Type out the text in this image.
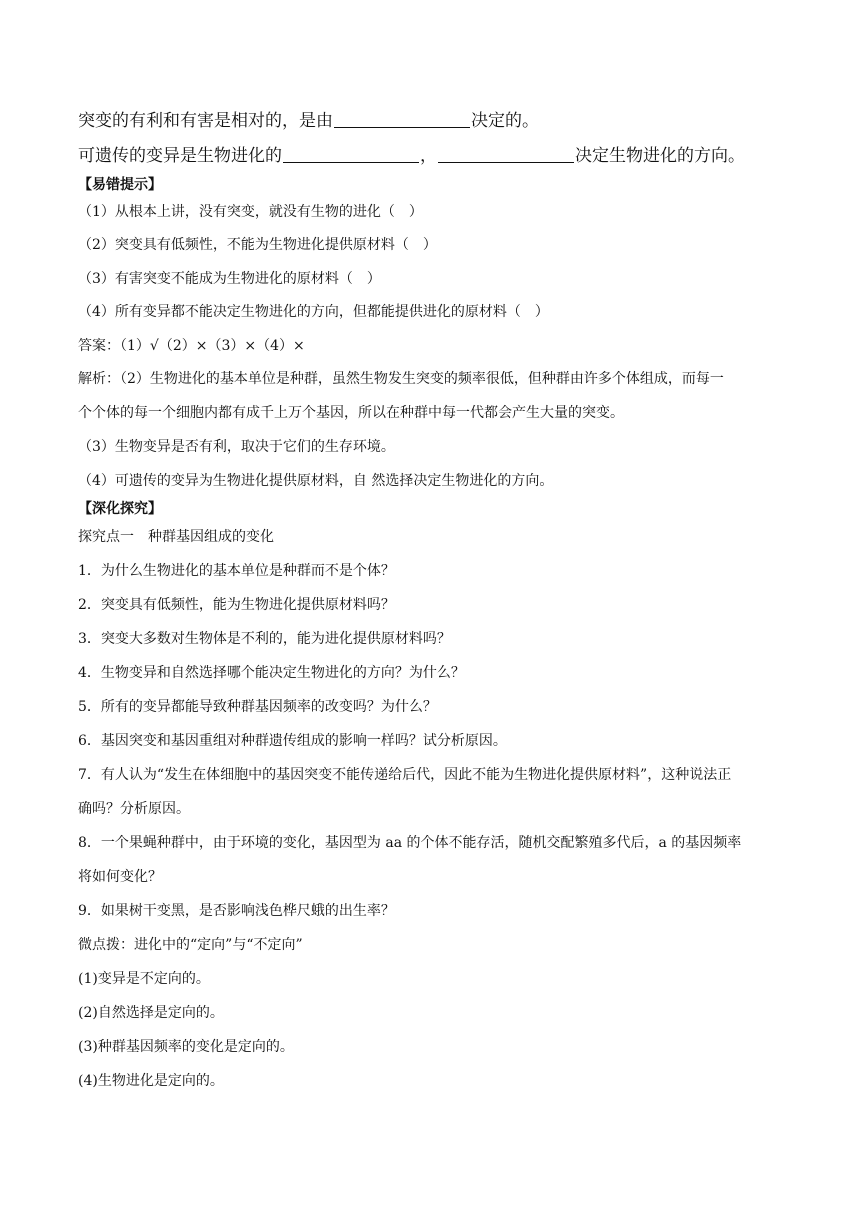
突变的有利和有害是相对的，是由	决定的。
可遗传的变异是生物进化的	，	决定生物进化的方向。
【易错提示】
（1）从根本上讲，没有突变，就没有生物的进化（　）
（2）突变具有低频性，不能为生物进化提供原材料（　）
（3）有害突变不能成为生物进化的原材料（　）
（4）所有变异都不能决定生物进化的方向，但都能提供进化的原材料（　）
答案：（1）√（2）×（3）×（4）×
解析：（2）生物进化的基本单位是种群，虽然生物发生突变的频率很低，但种群由许多个体组成，而每一
个个体的每一个细胞内都有成千上万个基因，所以在种群中每一代都会产生大量的突变。
（3）生物变异是否有利，取决于它们的生存环境。
（4）可遗传的变异为生物进化提供原材料，自 然选择决定生物进化的方向。
【深化探究】
探究点一　种群基因组成的变化
1．为什么生物进化的基本单位是种群而不是个体？
2．突变具有低频性，能为生物进化提供原材料吗？
3．突变大多数对生物体是不利的，能为进化提供原材料吗？
4．生物变异和自然选择哪个能决定生物进化的方向？为什么？
5．所有的变异都能导致种群基因频率的改变吗？为什么？
6．基因突变和基因重组对种群遗传组成的影响一样吗？试分析原因。
7．有人认为“发生在体细胞中的基因突变不能传递给后代，因此不能为生物进化提供原材料”，这种说法正
确吗？分析原因。
8．一个果蝇种群中，由于环境的变化，基因型为 aa 的个体不能存活，随机交配繁殖多代后，a 的基因频率
将如何变化？
9．如果树干变黑，是否影响浅色桦尺蛾的出生率？
微点拨：进化中的“定向”与“不定向”
(1)变异是不定向的。
(2)自然选择是定向的。
(3)种群基因频率的变化是定向的。
(4)生物进化是定向的。
